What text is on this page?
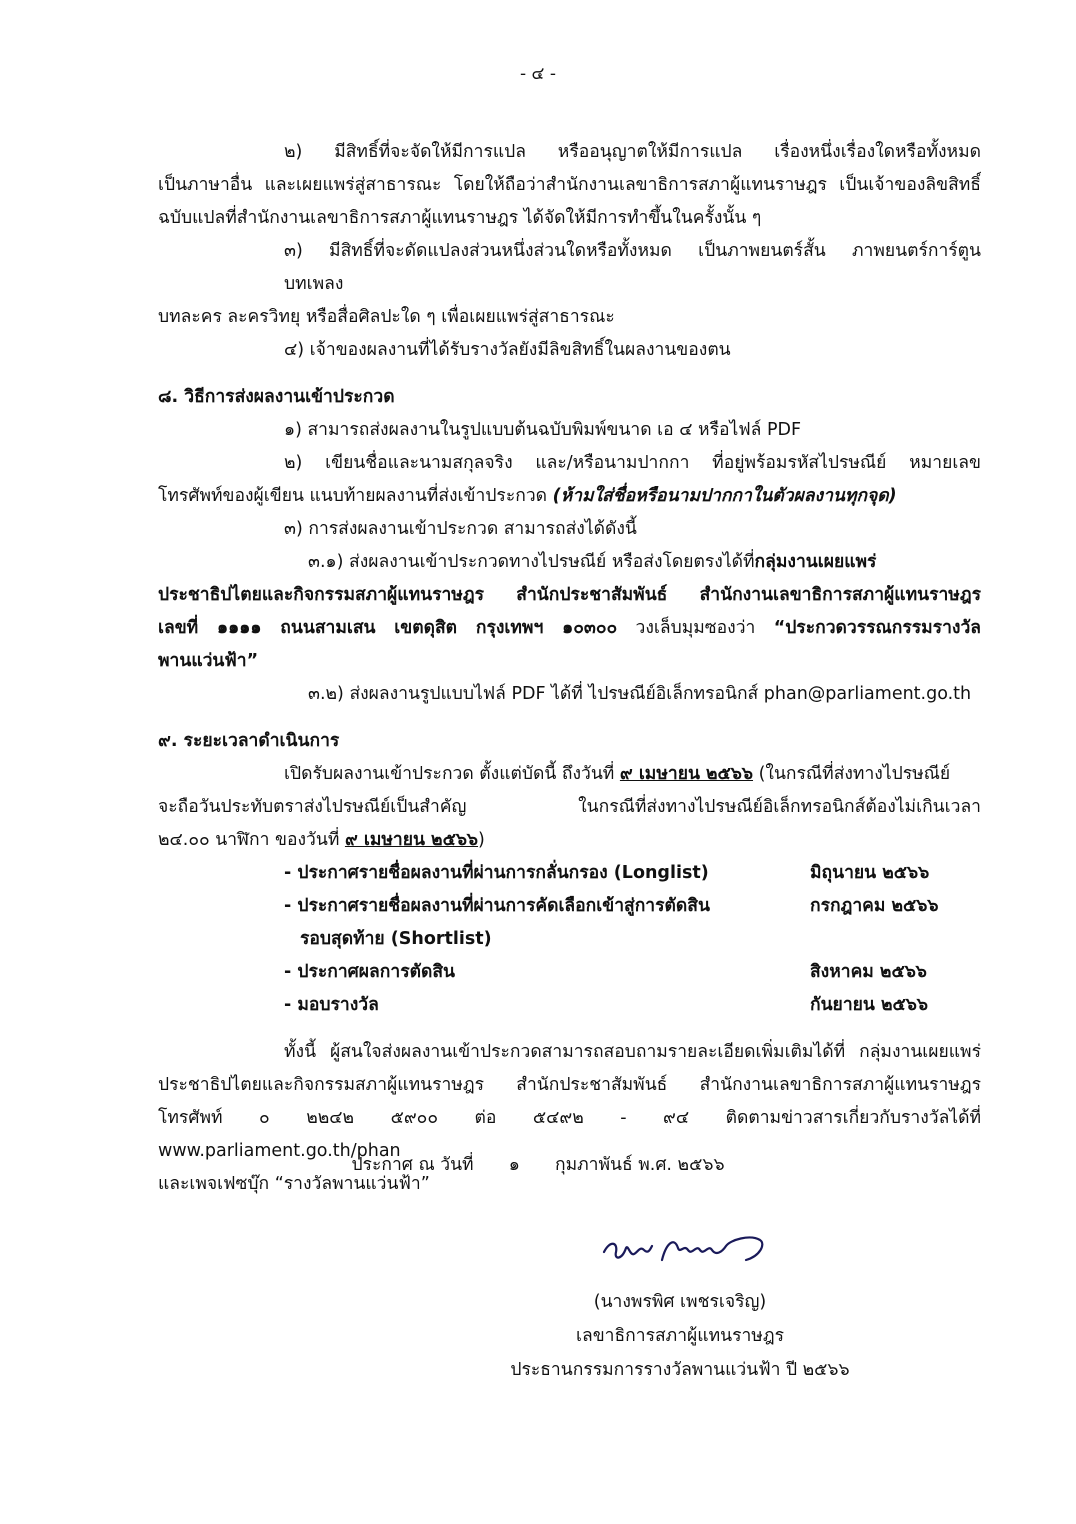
- ๔ -
๒) มีสิทธิ์ที่จะจัดให้มีการแปล หรืออนุญาตให้มีการแปล เรื่องหนึ่งเรื่องใดหรือทั้งหมด
เป็นภาษาอื่น และเผยแพร่สู่สาธารณะ โดยให้ถือว่าสำนักงานเลขาธิการสภาผู้แทนราษฎร เป็นเจ้าของลิขสิทธิ์
ฉบับแปลที่สำนักงานเลขาธิการสภาผู้แทนราษฎร ได้จัดให้มีการทำขึ้นในครั้งนั้น ๆ
๓) มีสิทธิ์ที่จะดัดแปลงส่วนหนึ่งส่วนใดหรือทั้งหมด เป็นภาพยนตร์สั้น ภาพยนตร์การ์ตูน บทเพลง
บทละคร ละครวิทยุ หรือสื่อศิลปะใด ๆ เพื่อเผยแพร่สู่สาธารณะ
๔) เจ้าของผลงานที่ได้รับรางวัลยังมีลิขสิทธิ์ในผลงานของตน
๘. วิธีการส่งผลงานเข้าประกวด
๑) สามารถส่งผลงานในรูปแบบต้นฉบับพิมพ์ขนาด เอ ๔ หรือไฟล์ PDF
๒) เขียนชื่อและนามสกุลจริง และ/หรือนามปากกา ที่อยู่พร้อมรหัสไปรษณีย์ หมายเลข
โทรศัพท์ของผู้เขียน แนบท้ายผลงานที่ส่งเข้าประกวด (ห้ามใส่ชื่อหรือนามปากกาในตัวผลงานทุกจุด)
๓) การส่งผลงานเข้าประกวด สามารถส่งได้ดังนี้
๓.๑) ส่งผลงานเข้าประกวดทางไปรษณีย์ หรือส่งโดยตรงได้ที่กลุ่มงานเผยแพร่
ประชาธิปไตยและกิจกรรมสภาผู้แทนราษฎร สำนักประชาสัมพันธ์ สำนักงานเลขาธิการสภาผู้แทนราษฎร
เลขที่ ๑๑๑๑ ถนนสามเสน เขตดุสิต กรุงเทพฯ ๑๐๓๐๐ วงเล็บมุมซองว่า “ประกวดวรรณกรรมรางวัล
พานแว่นฟ้า”
๓.๒) ส่งผลงานรูปแบบไฟล์ PDF ได้ที่ ไปรษณีย์อิเล็กทรอนิกส์ phan@parliament.go.th
๙. ระยะเวลาดำเนินการ
เปิดรับผลงานเข้าประกวด ตั้งแต่บัดนี้ ถึงวันที่ ๙ เมษายน ๒๕๖๖ (ในกรณีที่ส่งทางไปรษณีย์
จะถือวันประทับตราส่งไปรษณีย์เป็นสำคัญ ในกรณีที่ส่งทางไปรษณีย์อิเล็กทรอนิกส์ต้องไม่เกินเวลา
๒๔.๐๐ นาฬิกา ของวันที่ ๙ เมษายน ๒๕๖๖)
- ประกาศรายชื่อผลงานที่ผ่านการกลั่นกรอง (Longlist)	มิถุนายน ๒๕๖๖
- ประกาศรายชื่อผลงานที่ผ่านการคัดเลือกเข้าสู่การตัดสิน	กรกฎาคม ๒๕๖๖
รอบสุดท้าย (Shortlist)
- ประกาศผลการตัดสิน	สิงหาคม ๒๕๖๖
- มอบรางวัล	กันยายน ๒๕๖๖
ทั้งนี้ ผู้สนใจส่งผลงานเข้าประกวดสามารถสอบถามรายละเอียดเพิ่มเติมได้ที่ กลุ่มงานเผยแพร่
ประชาธิปไตยและกิจกรรมสภาผู้แทนราษฎร สำนักประชาสัมพันธ์ สำนักงานเลขาธิการสภาผู้แทนราษฎร
โทรศัพท์ ๐ ๒๒๔๒ ๕๙๐๐ ต่อ ๕๔๙๒ - ๙๔ ติดตามข่าวสารเกี่ยวกับรางวัลได้ที่ www.parliament.go.th/phan
และเพจเฟซบุ๊ก “รางวัลพานแว่นฟ้า”
ประกาศ ณ วันที่ ๑ กุมภาพันธ์ พ.ศ. ๒๕๖๖
(นางพรพิศ เพชรเจริญ)
เลขาธิการสภาผู้แทนราษฎร
ประธานกรรมการรางวัลพานแว่นฟ้า ปี ๒๕๖๖
